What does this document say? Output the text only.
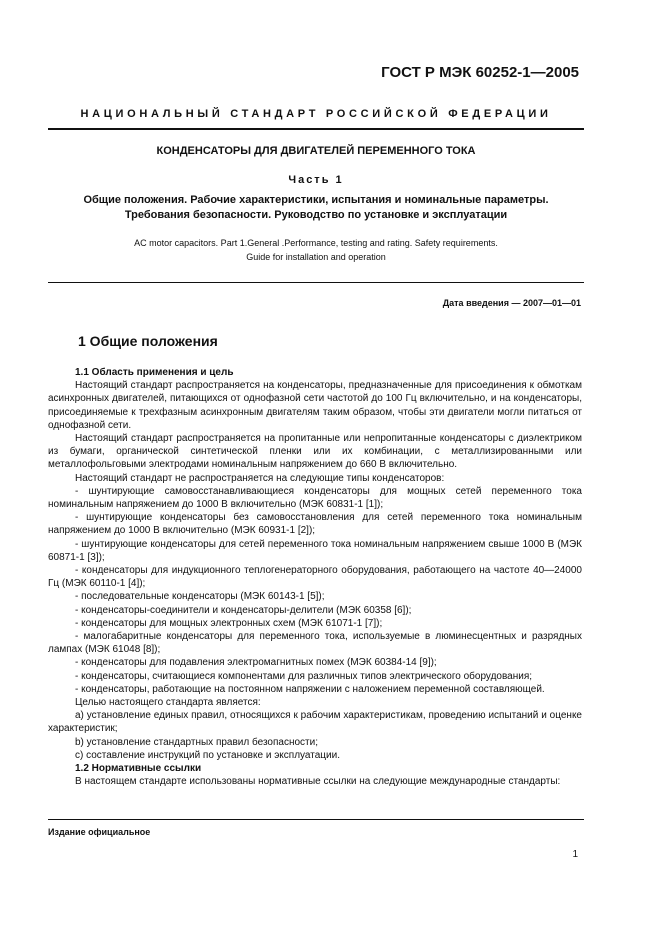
ГОСТ Р МЭК 60252-1—2005
НАЦИОНАЛЬНЫЙ СТАНДАРТ РОССИЙСКОЙ ФЕДЕРАЦИИ
КОНДЕНСАТОРЫ ДЛЯ ДВИГАТЕЛЕЙ ПЕРЕМЕННОГО ТОКА
Часть 1
Общие положения. Рабочие характеристики, испытания и номинальные параметры.
Требования безопасности. Руководство по установке и эксплуатации
AC motor capacitors. Part 1.General .Performance, testing and rating. Safety requirements.
Guide for installation and operation
Дата введения — 2007—01—01
1 Общие положения

1.1 Область применения и цель

Настоящий стандарт распространяется на конденсаторы, предназначенные для присоединения к обмоткам асинхронных двигателей, питающихся от однофазной сети частотой до 100 Гц включительно, и на конденсаторы, присоединяемые к трехфазным асинхронным двигателям таким образом, чтобы эти двигатели могли питаться от однофазной сети.

Настоящий стандарт распространяется на пропитанные или непропитанные конденсаторы с диэлектриком из бумаги, органической синтетической пленки или их комбинации, с металлизированными или металлофольговыми электродами номинальным напряжением до 660 В включительно.

Настоящий стандарт не распространяется на следующие типы конденсаторов:

- шунтирующие самовосстанавливающиеся конденсаторы для мощных сетей переменного тока номинальным напряжением до 1000 В включительно (МЭК 60831-1 [1]);

- шунтирующие конденсаторы без самовосстановления для сетей переменного тока номинальным напряжением до 1000 В включительно (МЭК 60931-1 [2]);

- шунтирующие конденсаторы для сетей переменного тока номинальным напряжением свыше 1000 В (МЭК 60871-1 [3]);

- конденсаторы для индукционного теплогенераторного оборудования, работающего на частоте 40—24000 Гц (МЭК 60110-1 [4]);

- последовательные конденсаторы (МЭК 60143-1 [5]);

- конденсаторы-соединители и конденсаторы-делители (МЭК 60358 [6]);

- конденсаторы для мощных электронных схем (МЭК 61071-1 [7]);

- малогабаритные конденсаторы для переменного тока, используемые в люминесцентных и разрядных лампах (МЭК 61048 [8]);

- конденсаторы для подавления электромагнитных помех (МЭК 60384-14 [9]);

- конденсаторы, считающиеся компонентами для различных типов электрического оборудования;

- конденсаторы, работающие на постоянном напряжении с наложением переменной составляющей.

Целью настоящего стандарта является:

a) установление единых правил, относящихся к рабочим характеристикам, проведению испытаний и оценке характеристик;

b) установление стандартных правил безопасности;

c) составление инструкций по установке и эксплуатации.

1.2 Нормативные ссылки

В настоящем стандарте использованы нормативные ссылки на следующие международные стандарты:

Издание официальное
1
